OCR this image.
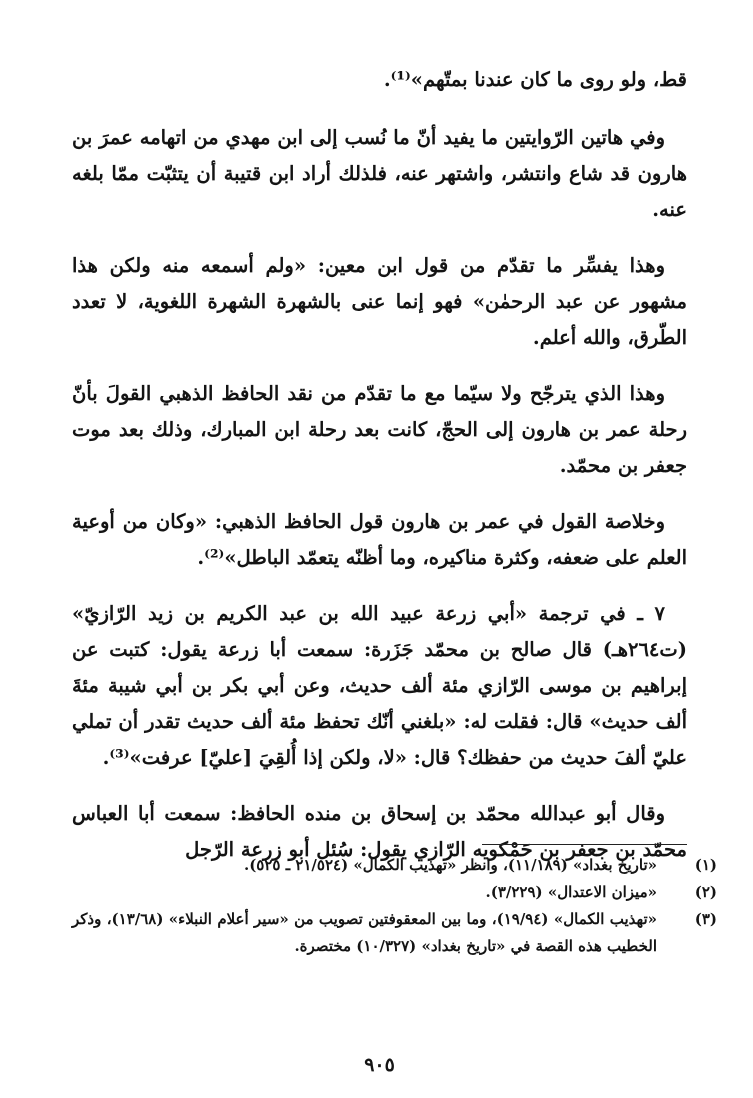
قط، ولو روى ما كان عندنا بمتّهم»⁽¹⁾.

وفي هاتين الرّوايتين ما يفيد أنّ ما نُسب إلى ابن مهدي من اتهامه عمرَ بن هارون قد شاع وانتشر، واشتهر عنه، فلذلك أراد ابن قتيبة أن يتثبّت ممّا بلغه عنه.

وهذا يفسِّر ما تقدّم من قول ابن معين: «ولم أسمعه منه ولكن هذا مشهور عن عبد الرحمٰن» فهو إنما عنى بالشهرة الشهرة اللغوية، لا تعدد الطّرق، والله أعلم.

وهذا الذي يترجّح ولا سيّما مع ما تقدّم من نقد الحافظ الذهبي القولَ بأنّ رحلة عمر بن هارون إلى الحجّ، كانت بعد رحلة ابن المبارك، وذلك بعد موت جعفر بن محمّد.

وخلاصة القول في عمر بن هارون قول الحافظ الذهبي: «وكان من أوعية العلم على ضعفه، وكثرة مناكيره، وما أظنّه يتعمّد الباطل»⁽²⁾.

٧ ـ في ترجمة «أبي زرعة عبيد الله بن عبد الكريم بن زيد الرّازيّ» (ت٢٦٤هـ) قال صالح بن محمّد جَزَرة: سمعت أبا زرعة يقول: كتبت عن إبراهيم بن موسى الرّازي مئة ألف حديث، وعن أبي بكر بن أبي شيبة مئةَ ألف حديث» قال: فقلت له: «بلغني أنّك تحفظ مئة ألف حديث تقدر أن تملي عليّ ألفَ حديث من حفظك؟ قال: «لا، ولكن إذا أُلقِيَ [عليّ] عرفت»⁽³⁾.

وقال أبو عبدالله محمّد بن إسحاق بن منده الحافظ: سمعت أبا العباس محمّد بن جعفر بن حَمْكويه الرّازي يقول: سُئل أبو زرعة الرّجل

(١)«تاريخ بغداد» (١١/١٨٩)، وانظر «تهذيب الكمال» (٢١/٥٢٤ ـ ٥٢٥).

(٢)«ميزان الاعتدال» (٣/٢٢٩).

(٣)«تهذيب الكمال» (١٩/٩٤)، وما بين المعقوفتين تصويب من «سير أعلام النبلاء» (١٣/٦٨)، وذكر الخطيب هذه القصة في «تاريخ بغداد» (١٠/٣٢٧) مختصرة.

٩٠٥
